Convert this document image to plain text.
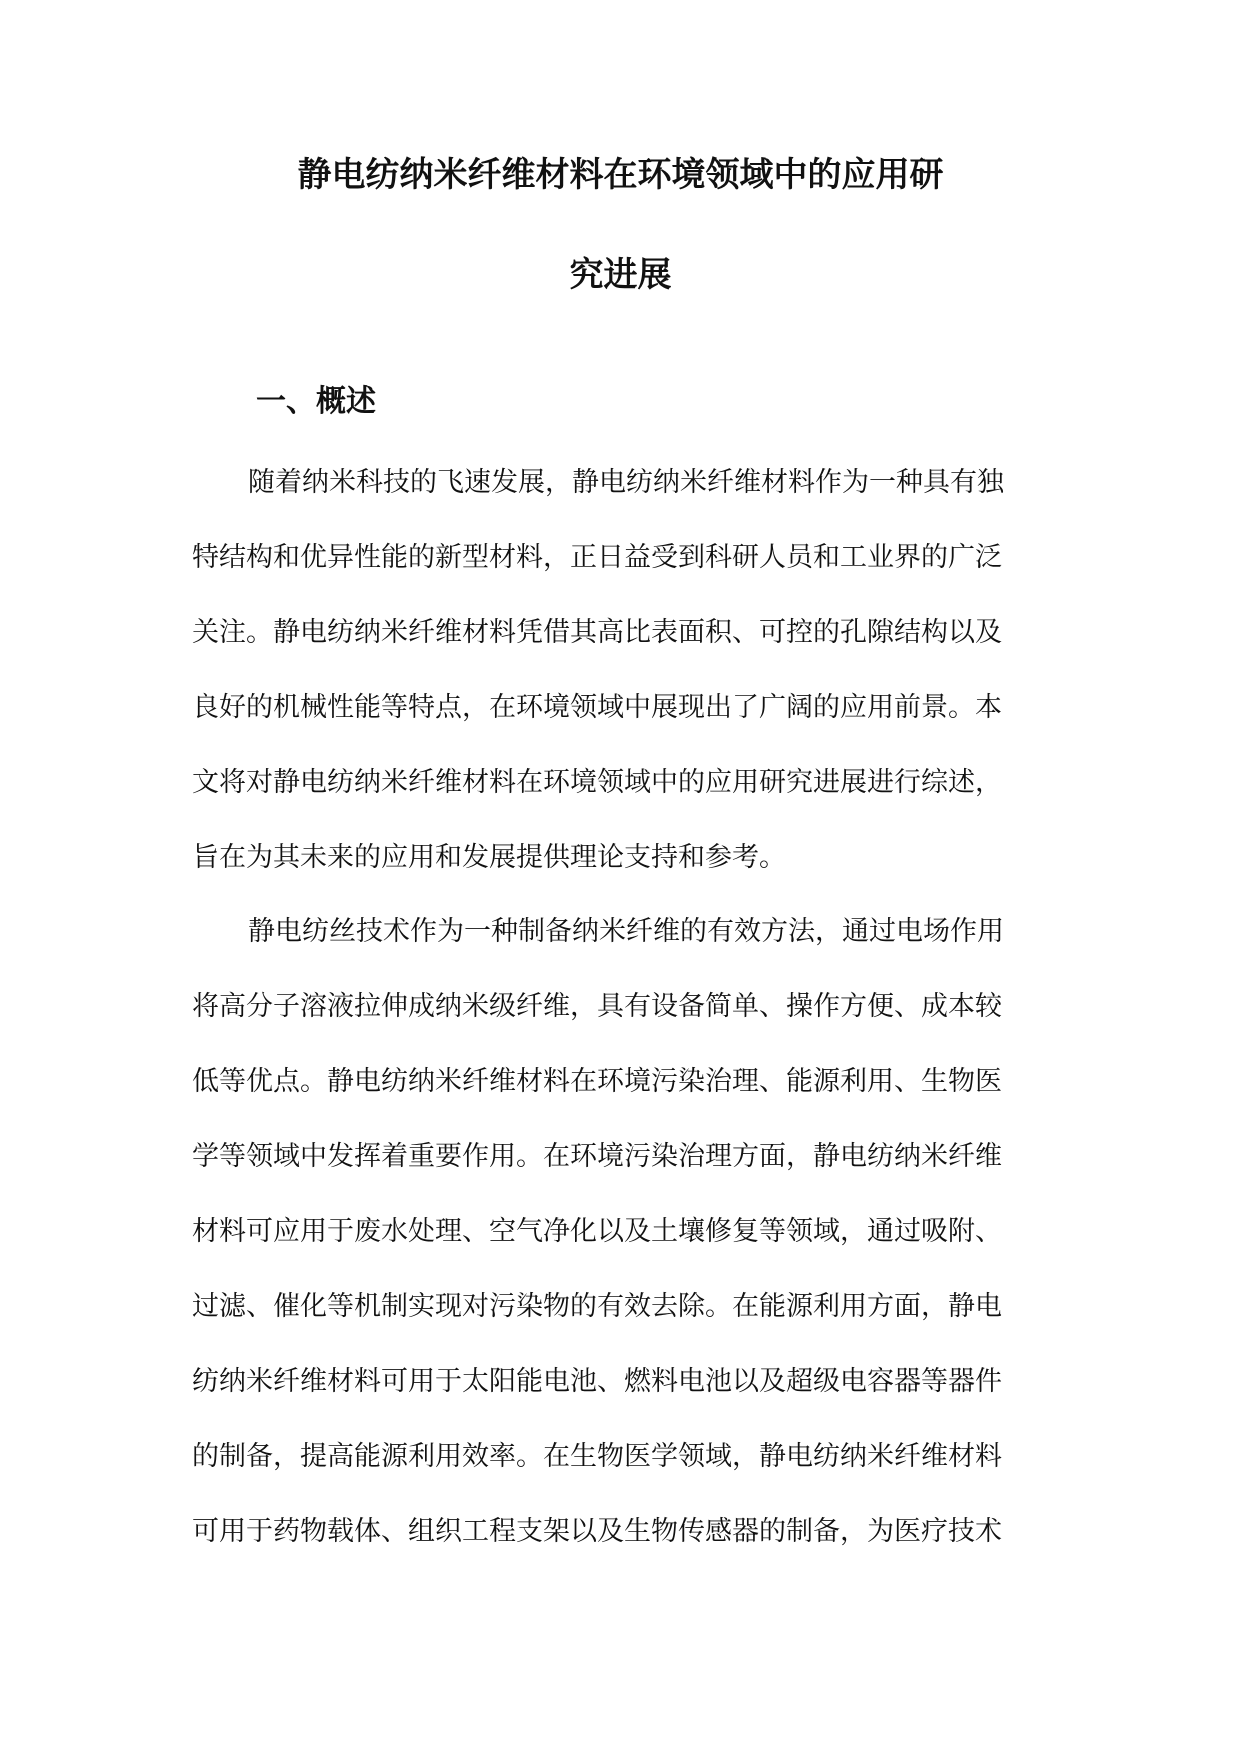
静电纺纳米纤维材料在环境领域中的应用研
究进展
一、概述
随着纳米科技的飞速发展，静电纺纳米纤维材料作为一种具有独
特结构和优异性能的新型材料，正日益受到科研人员和工业界的广泛
关注。静电纺纳米纤维材料凭借其高比表面积、可控的孔隙结构以及
良好的机械性能等特点，在环境领域中展现出了广阔的应用前景。本
文将对静电纺纳米纤维材料在环境领域中的应用研究进展进行综述，
旨在为其未来的应用和发展提供理论支持和参考。
静电纺丝技术作为一种制备纳米纤维的有效方法，通过电场作用
将高分子溶液拉伸成纳米级纤维，具有设备简单、操作方便、成本较
低等优点。静电纺纳米纤维材料在环境污染治理、能源利用、生物医
学等领域中发挥着重要作用。在环境污染治理方面，静电纺纳米纤维
材料可应用于废水处理、空气净化以及土壤修复等领域，通过吸附、
过滤、催化等机制实现对污染物的有效去除。在能源利用方面，静电
纺纳米纤维材料可用于太阳能电池、燃料电池以及超级电容器等器件
的制备，提高能源利用效率。在生物医学领域，静电纺纳米纤维材料
可用于药物载体、组织工程支架以及生物传感器的制备，为医疗技术
